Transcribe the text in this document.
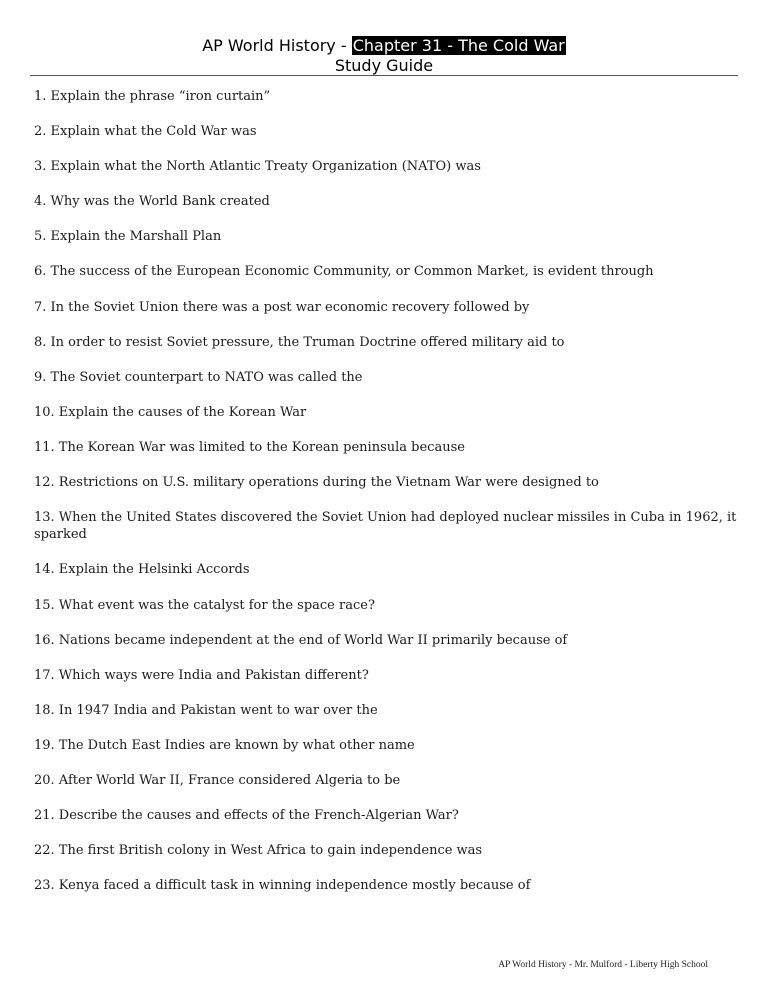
AP World History - Chapter 31 - The Cold War
Study Guide
1. Explain the phrase “iron curtain”
2. Explain what the Cold War was
3. Explain what the North Atlantic Treaty Organization (NATO) was
4. Why was the World Bank created
5. Explain the Marshall Plan
6. The success of the European Economic Community, or Common Market, is evident through
7. In the Soviet Union there was a post war economic recovery followed by
8. In order to resist Soviet pressure, the Truman Doctrine offered military aid to
9. The Soviet counterpart to NATO was called the
10. Explain the causes of the Korean War
11. The Korean War was limited to the Korean peninsula because
12. Restrictions on U.S. military operations during the Vietnam War were designed to
13. When the United States discovered the Soviet Union had deployed nuclear missiles in Cuba in 1962, it sparked
14. Explain the Helsinki Accords
15. What event was the catalyst for the space race?
16. Nations became independent at the end of World War II primarily because of
17. Which ways were India and Pakistan different?
18. In 1947 India and Pakistan went to war over the
19. The Dutch East Indies are known by what other name
20. After World War II, France considered Algeria to be
21. Describe the causes and effects of the French-Algerian War?
22. The first British colony in West Africa to gain independence was
23. Kenya faced a difficult task in winning independence mostly because of
AP World History - Mr. Mulford - Liberty High School
